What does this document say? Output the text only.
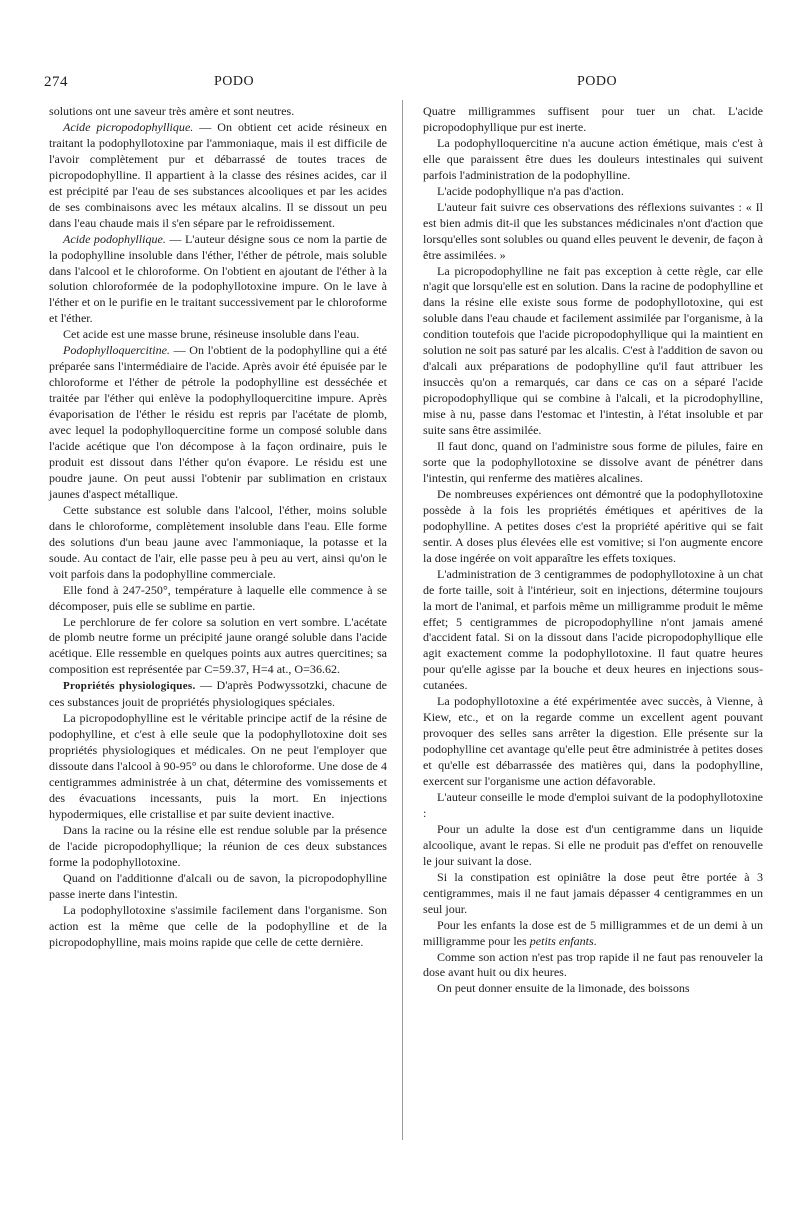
274	PODO	PODO

solutions ont une saveur très amère et sont neutres.

Acide picropodophyllique. — On obtient cet acide résineux en traitant la podophyllotoxine par l'ammoniaque, mais il est difficile de l'avoir complètement pur et débarrassé de toutes traces de picropodophylline. Il appartient à la classe des résines acides, car il est précipité par l'eau de ses substances alcooliques et par les acides de ses combinaisons avec les métaux alcalins. Il se dissout un peu dans l'eau chaude mais il s'en sépare par le refroidissement.

Acide podophyllique. — L'auteur désigne sous ce nom la partie de la podophylline insoluble dans l'éther, l'éther de pétrole, mais soluble dans l'alcool et le chloroforme. On l'obtient en ajoutant de l'éther à la solution chloroformée de la podophyllotoxine impure. On le lave à l'éther et on le purifie en le traitant successivement par le chloroforme et l'éther.

Cet acide est une masse brune, résineuse insoluble dans l'eau.

Podophylloquercitine. — On l'obtient de la podophylline qui a été préparée sans l'intermédiaire de l'acide. Après avoir été épuisée par le chloroforme et l'éther de pétrole la podophylline est desséchée et traitée par l'éther qui enlève la podophylloquercitine impure. Après évaporisation de l'éther le résidu est repris par l'acétate de plomb, avec lequel la podophylloquercitine forme un composé soluble dans l'acide acétique que l'on décompose à la façon ordinaire, puis le produit est dissout dans l'éther qu'on évapore. Le résidu est une poudre jaune. On peut aussi l'obtenir par sublimation en cristaux jaunes d'aspect métallique.

Cette substance est soluble dans l'alcool, l'éther, moins soluble dans le chloroforme, complètement insoluble dans l'eau. Elle forme des solutions d'un beau jaune avec l'ammoniaque, la potasse et la soude. Au contact de l'air, elle passe peu à peu au vert, ainsi qu'on le voit parfois dans la podophylline commerciale.

Elle fond à 247-250°, température à laquelle elle commence à se décomposer, puis elle se sublime en partie.

Le perchlorure de fer colore sa solution en vert sombre. L'acétate de plomb neutre forme un précipité jaune orangé soluble dans l'acide acétique. Elle ressemble en quelques points aux autres quercitines; sa composition est représentée par C=59.37, H=4 at., O=36.62.

Propriétés physiologiques. — D'après Podwyssotzki, chacune de ces substances jouit de propriétés physiologiques spéciales.

La picropodophylline est le véritable principe actif de la résine de podophylline, et c'est à elle seule que la podophyllotoxine doit ses propriétés physiologiques et médicales. On ne peut l'employer que dissoute dans l'alcool à 90-95° ou dans le chloroforme. Une dose de 4 centigrammes administrée à un chat, détermine des vomissements et des évacuations incessants, puis la mort. En injections hypodermiques, elle cristallise et par suite devient inactive.

Dans la racine ou la résine elle est rendue soluble par la présence de l'acide picropodophyllique; la réunion de ces deux substances forme la podophyllotoxine.

Quand on l'additionne d'alcali ou de savon, la picropodophylline passe inerte dans l'intestin.

La podophyllotoxine s'assimile facilement dans l'organisme. Son action est la même que celle de la podophylline et de la picropodophylline, mais moins rapide que celle de cette dernière.

Quatre milligrammes suffisent pour tuer un chat. L'acide picropodophyllique pur est inerte.

La podophylloquercitine n'a aucune action émétique, mais c'est à elle que paraissent être dues les douleurs intestinales qui suivent parfois l'administration de la podophylline.

L'acide podophyllique n'a pas d'action.

L'auteur fait suivre ces observations des réflexions suivantes : « Il est bien admis dit-il que les substances médicinales n'ont d'action que lorsqu'elles sont solubles ou quand elles peuvent le devenir, de façon à être assimilées. »

La picropodophylline ne fait pas exception à cette règle, car elle n'agit que lorsqu'elle est en solution. Dans la racine de podophylline et dans la résine elle existe sous forme de podophyllotoxine, qui est soluble dans l'eau chaude et facilement assimilée par l'organisme, à la condition toutefois que l'acide picropodophyllique qui la maintient en solution ne soit pas saturé par les alcalis. C'est à l'addition de savon ou d'alcali aux préparations de podophylline qu'il faut attribuer les insuccès qu'on a remarqués, car dans ce cas on a séparé l'acide picropodophyllique qui se combine à l'alcali, et la picrodophylline, mise à nu, passe dans l'estomac et l'intestin, à l'état insoluble et par suite sans être assimilée.

Il faut donc, quand on l'administre sous forme de pilules, faire en sorte que la podophyllotoxine se dissolve avant de pénétrer dans l'intestin, qui renferme des matières alcalines.

De nombreuses expériences ont démontré que la podophyllotoxine possède à la fois les propriétés émétiques et apéritives de la podophylline. A petites doses c'est la propriété apéritive qui se fait sentir. A doses plus élevées elle est vomitive; si l'on augmente encore la dose ingérée on voit apparaître les effets toxiques.

L'administration de 3 centigrammes de podophyllotoxine à un chat de forte taille, soit à l'intérieur, soit en injections, détermine toujours la mort de l'animal, et parfois même un milligramme produit le même effet; 5 centigrammes de picropodophylline n'ont jamais amené d'accident fatal. Si on la dissout dans l'acide picropodophyllique elle agit exactement comme la podophyllotoxine. Il faut quatre heures pour qu'elle agisse par la bouche et deux heures en injections sous-cutanées.

La podophyllotoxine a été expérimentée avec succès, à Vienne, à Kiew, etc., et on la regarde comme un excellent agent pouvant provoquer des selles sans arrêter la digestion. Elle présente sur la podophylline cet avantage qu'elle peut être administrée à petites doses et qu'elle est débarrassée des matières qui, dans la podophylline, exercent sur l'organisme une action défavorable.

L'auteur conseille le mode d'emploi suivant de la podophyllotoxine :

Pour un adulte la dose est d'un centigramme dans un liquide alcoolique, avant le repas. Si elle ne produit pas d'effet on renouvelle le jour suivant la dose.

Si la constipation est opiniâtre la dose peut être portée à 3 centigrammes, mais il ne faut jamais dépasser 4 centigrammes en un seul jour.

Pour les enfants la dose est de 5 milligrammes et de un demi à un milligramme pour les petits enfants.

Comme son action n'est pas trop rapide il ne faut pas renouveler la dose avant huit ou dix heures.

On peut donner ensuite de la limonade, des boissons
